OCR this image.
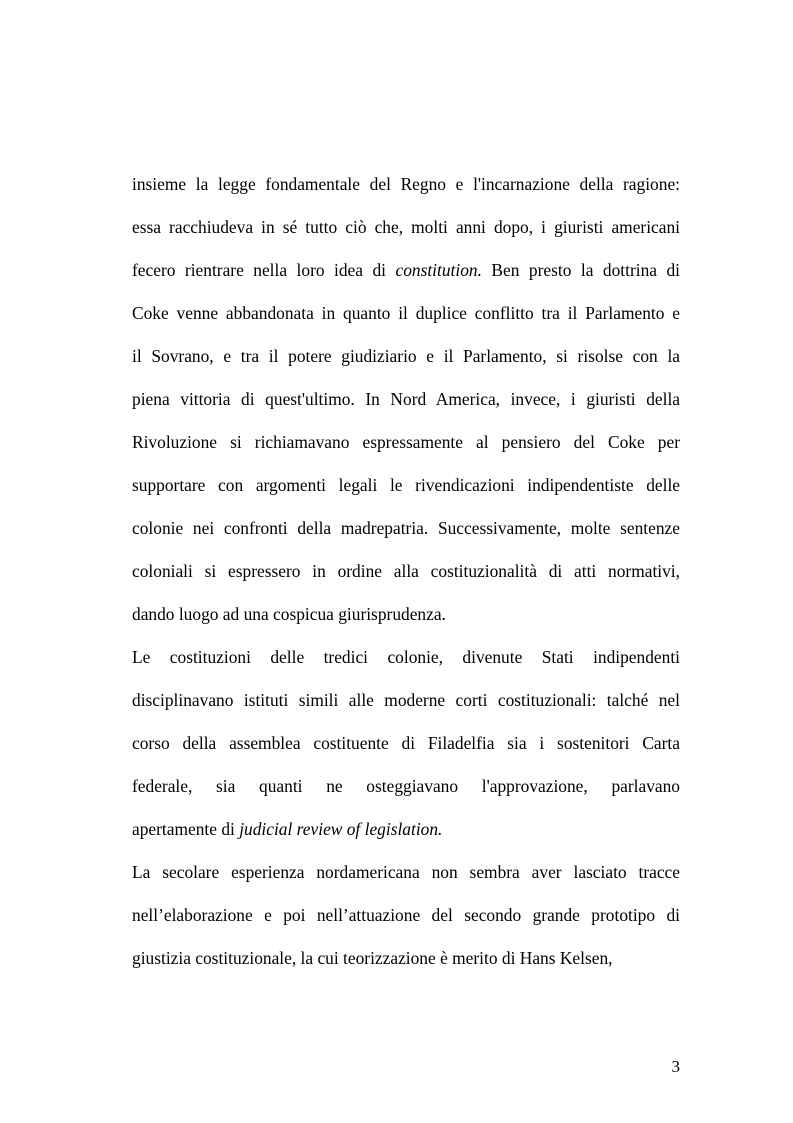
insieme la legge fondamentale del Regno e l'incarnazione della ragione:
essa racchiudeva in sé tutto ciò che, molti anni dopo, i giuristi americani
fecero rientrare nella loro idea di constitution. Ben presto la dottrina di
Coke venne abbandonata in quanto il duplice conflitto tra il Parlamento e
il Sovrano, e tra il potere giudiziario e il Parlamento, si risolse con la
piena vittoria di quest'ultimo. In Nord America, invece, i giuristi della
Rivoluzione si richiamavano espressamente al pensiero del Coke per
supportare con argomenti legali le rivendicazioni indipendentiste delle
colonie nei confronti della madrepatria. Successivamente, molte sentenze
coloniali si espressero in ordine alla costituzionalità di atti normativi,
dando luogo ad una cospicua giurisprudenza.
Le costituzioni delle tredici colonie, divenute Stati indipendenti
disciplinavano istituti simili alle moderne corti costituzionali: talché nel
corso della assemblea costituente di Filadelfia sia i sostenitori Carta
federale, sia quanti ne osteggiavano l'approvazione, parlavano
apertamente di judicial review of legislation.
La secolare esperienza nordamericana non sembra aver lasciato tracce
nell’elaborazione e poi nell’attuazione del secondo grande prototipo di
giustizia costituzionale, la cui teorizzazione è merito di Hans Kelsen,
3
